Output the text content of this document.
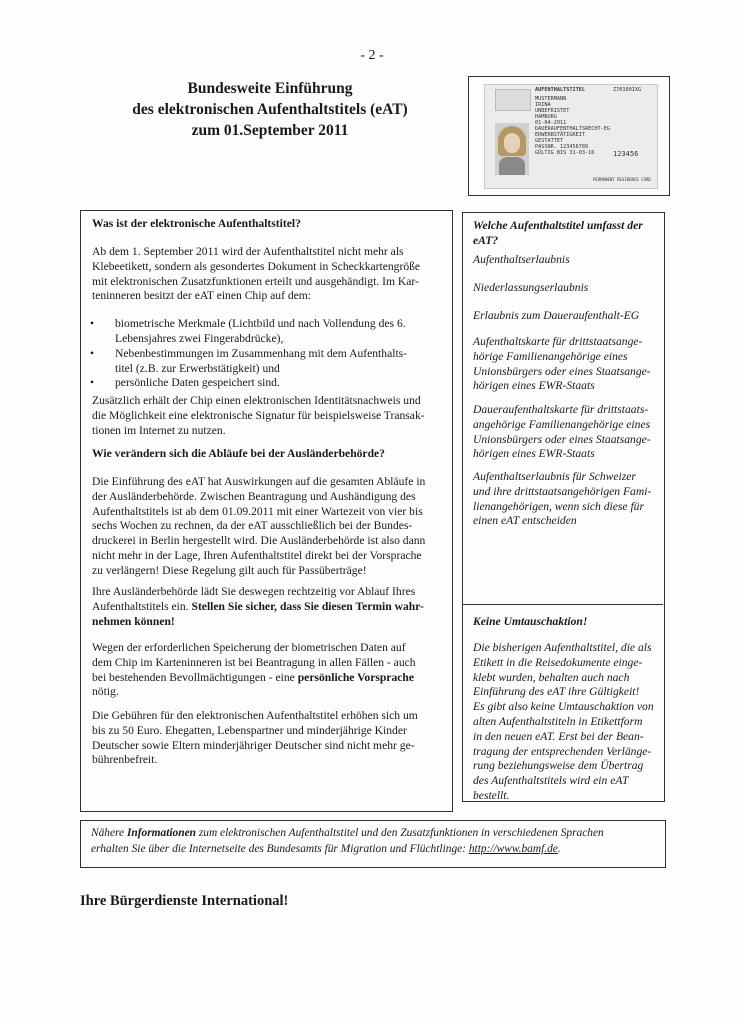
- 2 -
Bundesweite Einführung
des elektronischen Aufenthaltstitels (eAT)
zum 01.September 2011
AUFENTHALTSTITEL	Z70100IXG
MUSTERMANN
IRINA
UNBEFRISTET
HAMBURG
01-04-2011
DAUERAUFENTHALTSRECHT-EG
ERWERBSTÄTIGKEIT
GESTATTET
PASSNR. 123456789
GÜLTIG BIS 31-03-16	123456
PERMANENT RESIDENCE CARD
Was ist der elektronische Aufenthaltstitel?

Ab dem 1. September 2011 wird der Aufenthaltstitel nicht mehr als

Klebeetikett, sondern als gesondertes Dokument in Scheckkartengröße

mit elektronischen Zusatzfunktionen erteilt und ausgehändigt. Im Kar-

teninneren besitzt der eAT einen Chip auf dem:

• biometrische Merkmale (Lichtbild und nach Vollendung des 6.
Lebensjahres zwei Fingerabdrücke),
• Nebenbestimmungen im Zusammenhang mit dem Aufenthalts-
titel (z.B. zur Erwerbstätigkeit) und
• persönliche Daten gespeichert sind.

Zusätzlich erhält der Chip einen elektronischen Identitätsnachweis und

die Möglichkeit eine elektronische Signatur für beispielsweise Transak-

tionen im Internet zu nutzen.

Wie verändern sich die Abläufe bei der Ausländerbehörde?

Die Einführung des eAT hat Auswirkungen auf die gesamten Abläufe in

der Ausländerbehörde. Zwischen Beantragung und Aushändigung des

Aufenthaltstitels ist ab dem 01.09.2011 mit einer Wartezeit von vier bis

sechs Wochen zu rechnen, da der eAT ausschließlich bei der Bundes-

druckerei in Berlin hergestellt wird. Die Ausländerbehörde ist also dann

nicht mehr in der Lage, Ihren Aufenthaltstitel direkt bei der Vorsprache

zu verlängern! Diese Regelung gilt auch für Passüberträge!

Ihre Ausländerbehörde lädt Sie deswegen rechtzeitig vor Ablauf Ihres

Aufenthaltstitels ein. Stellen Sie sicher, dass Sie diesen Termin wahr-

nehmen können!

Wegen der erforderlichen Speicherung der biometrischen Daten auf

dem Chip im Karteninneren ist bei Beantragung in allen Fällen - auch

bei bestehenden Bevollmächtigungen - eine persönliche Vorsprache

nötig.

Die Gebühren für den elektronischen Aufenthaltstitel erhöhen sich um

bis zu 50 Euro. Ehegatten, Lebenspartner und minderjährige Kinder

Deutscher sowie Eltern minderjähriger Deutscher sind nicht mehr ge-

bührenbefreit.

Welche Aufenthaltstitel umfasst der

eAT?

Aufenthaltserlaubnis
Niederlassungserlaubnis
Erlaubnis zum Daueraufenthalt-EG

Aufenthaltskarte für drittstaatsange-

hörige Familienangehörige eines

Unionsbürgers oder eines Staatsange-

hörigen eines EWR-Staats

Daueraufenthaltskarte für drittstaats-

angehörige Familienangehörige eines

Unionsbürgers oder eines Staatsange-

hörigen eines EWR-Staats

Aufenthaltserlaubnis für Schweizer

und ihre drittstaatsangehörigen Fami-

lienangehörigen, wenn sich diese für

einen eAT entscheiden

Keine Umtauschaktion!

Die bisherigen Aufenthaltstitel, die als

Etikett in die Reisedokumente einge-

klebt wurden, behalten auch nach

Einführung des eAT ihre Gültigkeit!

Es gibt also keine Umtauschaktion von

alten Aufenthaltstiteln in Etikettform

in den neuen eAT. Erst bei der Bean-

tragung der entsprechenden Verlänge-

rung beziehungsweise dem Übertrag

des Aufenthaltstitels wird ein eAT

bestellt.

Nähere Informationen zum elektronischen Aufenthaltstitel und den Zusatzfunktionen in verschiedenen Sprachen
erhalten Sie über die Internetseite des Bundesamts für Migration und Flüchtlinge: http://www.bamf.de.
Ihre Bürgerdienste International!
